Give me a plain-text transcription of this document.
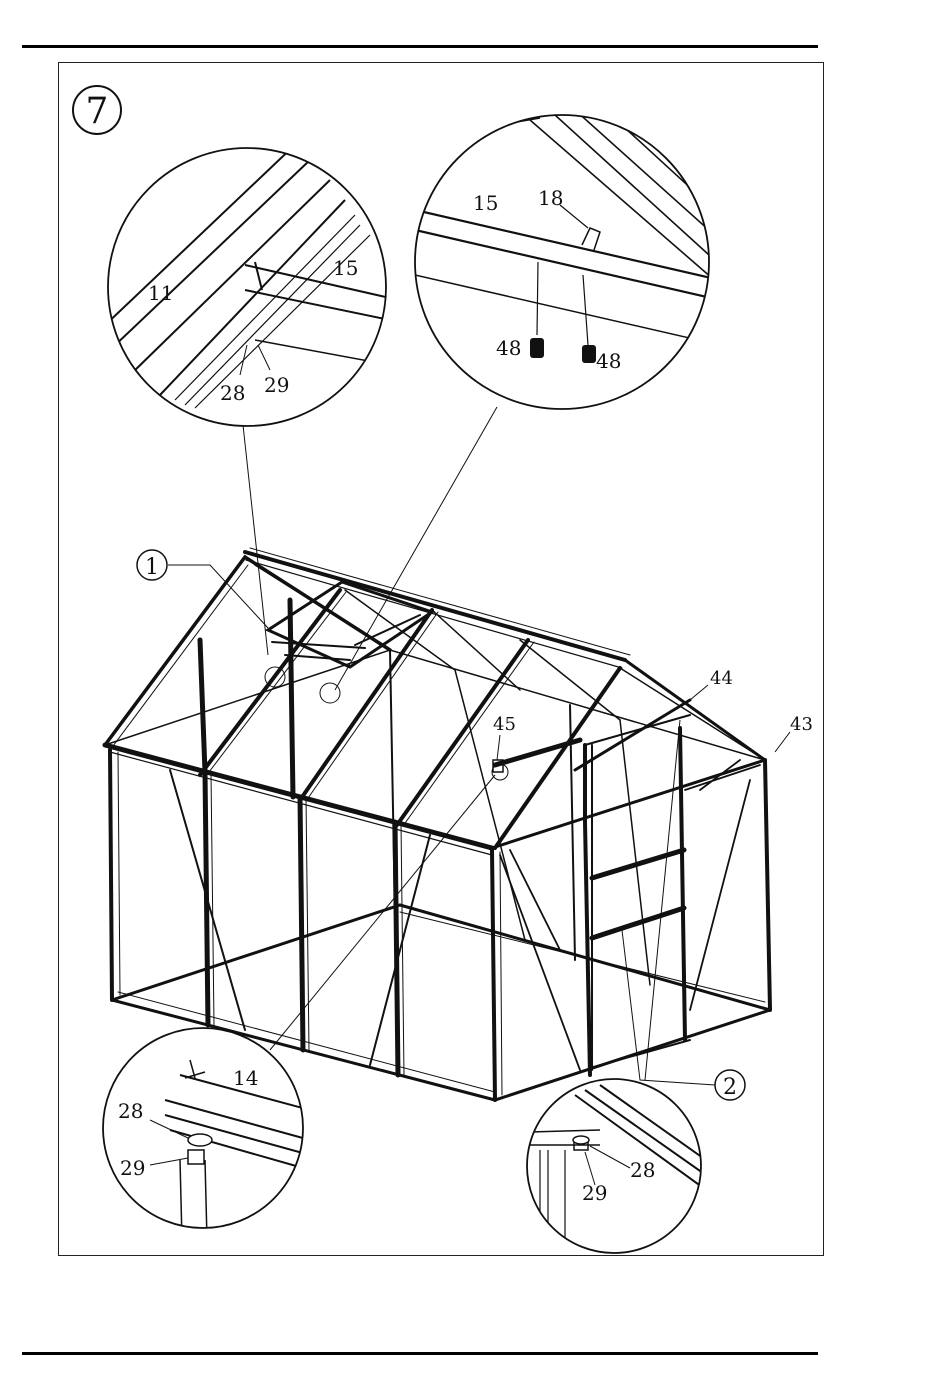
7
1
2
44
43
45
11
15
28 29
15 18
48
48
14
28
29	28
29
